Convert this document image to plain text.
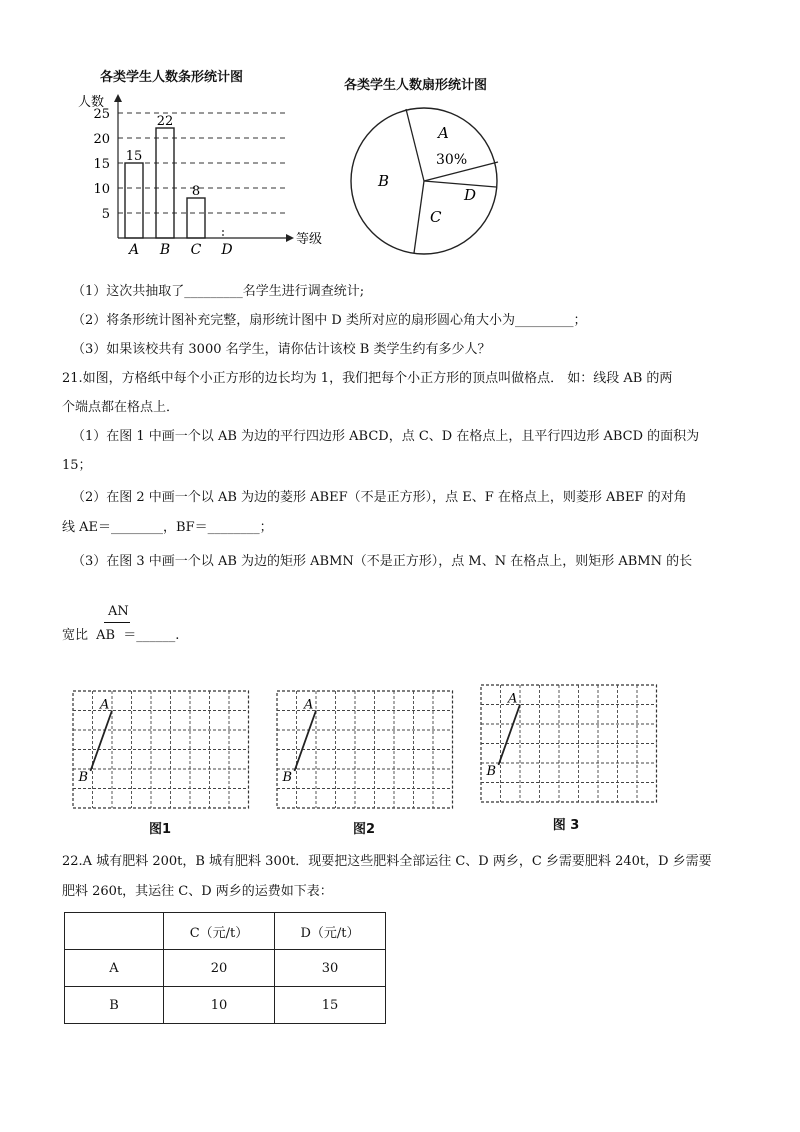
各类学生人数条形统计图
人数
等级
5
10
15
20
25
15
22
8
A B C D
各类学生人数扇形统计图
A
30%
B
C
D
（1）这次共抽取了_________名学生进行调查统计;
（2）将条形统计图补充完整，扇形统计图中 D 类所对应的扇形圆心角大小为_________；
（3）如果该校共有 3000 名学生，请你估计该校 B 类学生约有多少人？
21.如图，方格纸中每个小正方形的边长均为 1，我们把每个小正方形的顶点叫做格点． 如：线段 AB 的两
个端点都在格点上．
（1）在图 1 中画一个以 AB 为边的平行四边形 ABCD，点 C、D 在格点上，且平行四边形 ABCD 的面积为
15；
（2）在图 2 中画一个以 AB 为边的菱形 ABEF（不是正方形），点 E、F 在格点上，则菱形 ABEF 的对角
线 AE＝________，BF＝________；
（3）在图 3 中画一个以 AB 为边的矩形 ABMN（不是正方形），点 M、N 在格点上，则矩形 ABMN 的长
AN
宽比 AB ＝______.
A
B
A
B
A
B
图1	图2	图 3
22.A 城有肥料 200t，B 城有肥料 300t．现要把这些肥料全部运往 C、D 两乡，C 乡需要肥料 240t，D 乡需要
肥料 260t，其运往 C、D 两乡的运费如下表：
	C（元/t）	D（元/t）
A	20	30
B	10	15
